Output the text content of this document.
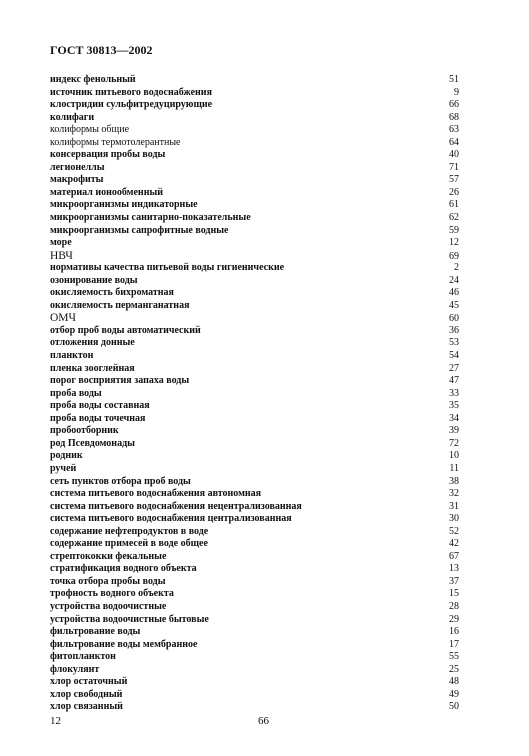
ГОСТ 30813—2002
индекс фенольный	51
источник питьевого водоснабжения	9
клостридии сульфитредуцирующие	66
колифаги	68
колиформы общие	63
колиформы термотолерантные	64
консервация пробы воды	40
легионеллы	71
макрофиты	57
материал ионообменный	26
микроорганизмы индикаторные	61
микроорганизмы санитарно-показательные	62
микроорганизмы сапрофитные водные	59
море	12
НВЧ	69
нормативы качества питьевой воды гигиенические	2
озонирование воды	24
окисляемость бихроматная	46
окисляемость перманганатная	45
ОМЧ	60
отбор проб воды автоматический	36
отложения донные	53
планктон	54
пленка зооглейная	27
порог восприятия запаха воды	47
проба воды	33
проба воды составная	35
проба воды точечная	34
пробоотборник	39
род Псевдомонады	72
родник	10
ручей	11
сеть пунктов отбора проб воды	38
система питьевого водоснабжения автономная	32
система питьевого водоснабжения нецентрализованная	31
система питьевого водоснабжения централизованная	30
содержание нефтепродуктов в воде	52
содержание примесей в воде общее	42
стрептококки фекальные	67
стратификация водного объекта	13
точка отбора пробы воды	37
трофность водного объекта	15
устройства водоочистные	28
устройства водоочистные бытовые	29
фильтрование воды	16
фильтрование воды мембранное	17
фитопланктон	55
флокулянт	25
хлор остаточный	48
хлор свободный	49
хлор связанный	50
12	66
